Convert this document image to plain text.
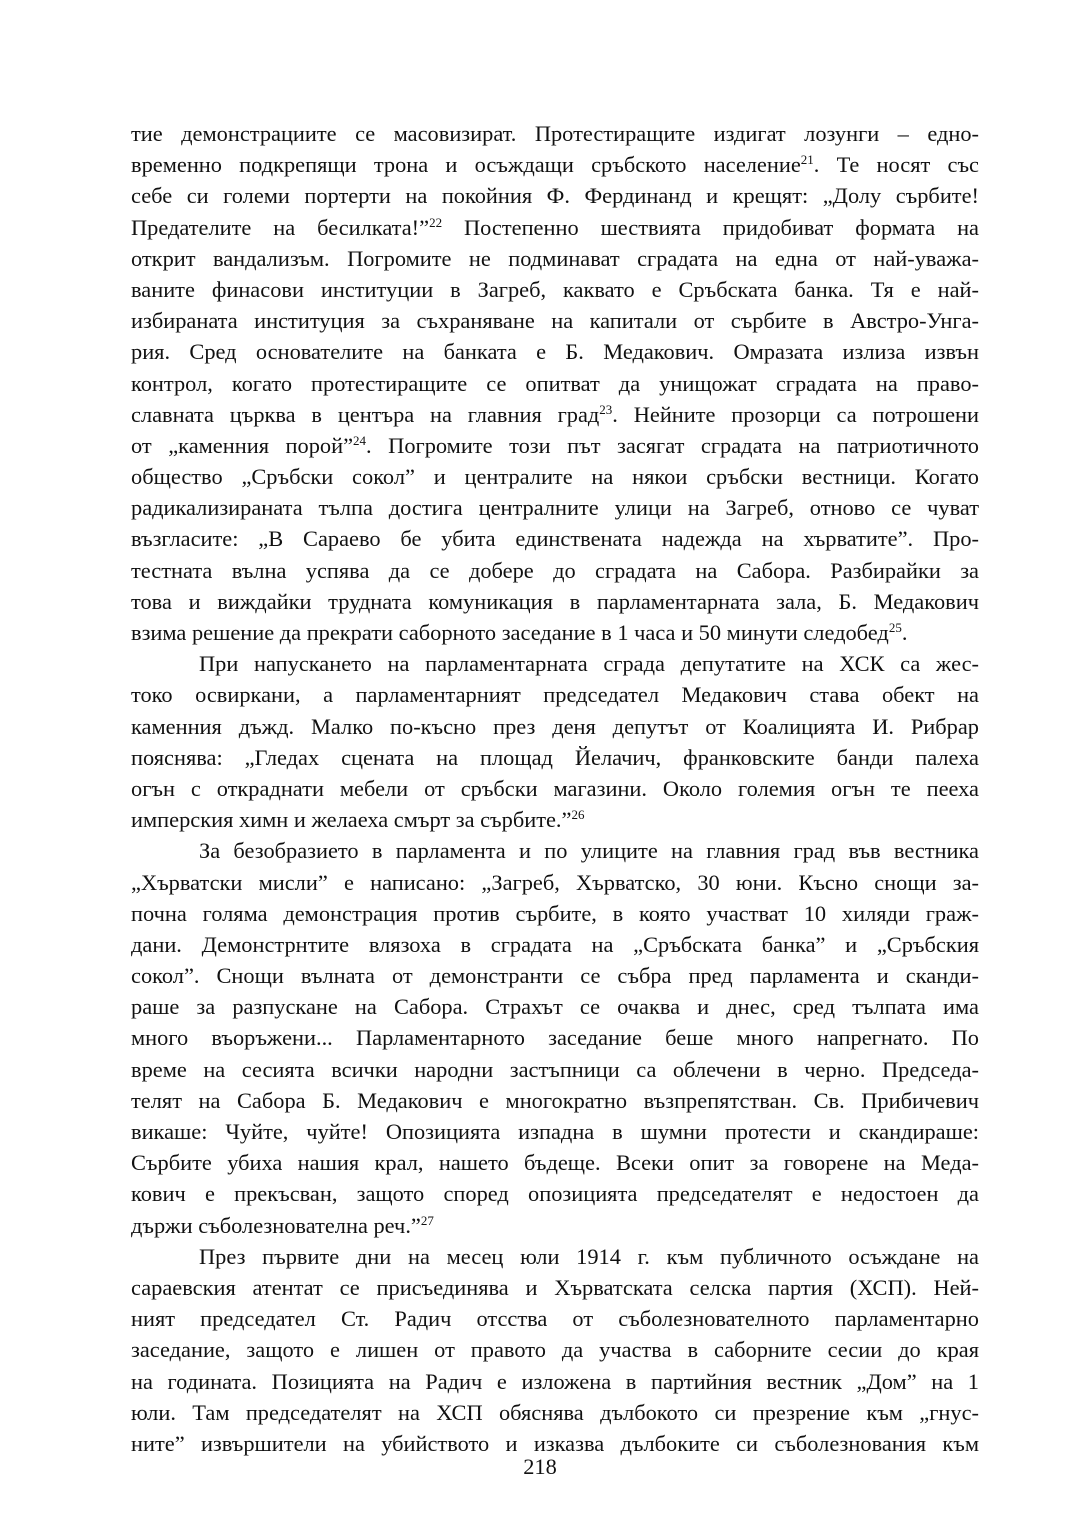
тие демонстрациите се масовизират. Протестиращите издигат лозунги – едно-
временно подкрепящи трона и осъждащи сръбското население$^{21}$. Те носят със
себе си големи портерти на покойния Ф. Фердинанд и крещят: „Долу сърбите!
Предателите на бесилката!”$^{22}$ Постепенно шествията придобиват формата на
открит вандализъм. Погромите не подминават сградата на една от най-уважа-
ваните финасови институции в Загреб, каквато е Сръбската банка. Тя е най-
избираната институция за съхраняване на капитали от сърбите в Австро-Унга-
рия. Сред основателите на банката е Б. Медакович. Омразата излиза извън
контрол, когато протестиращите се опитват да унищожат сградата на право-
славната църква в центъра на главния град$^{23}$. Нейните прозорци са потрошени
от „каменния порой”$^{24}$. Погромите този път засягат сградата на патриотичното
общество „Сръбски сокол” и централите на някои сръбски вестници. Когато
радикализираната тълпа достига централните улици на Загреб, отново се чуват
възгласите: „В Сараево бе убита единствената надежда на хърватите”. Про-
тестната вълна успява да се добере до сградата на Сабора. Разбирайки за
това и виждайки трудната комуникация в парламентарната зала, Б. Медакович
взима решение да прекрати саборното заседание в 1 часа и 50 минути следобед$^{25}$.
При напускането на парламентарната сграда депутатите на ХСК са жес-
токо освиркани, а парламентарният председател Медакович става обект на
каменния дъжд. Малко по-късно през деня депутът от Коалицията И. Рибрар
пояснява: „Гледах сцената на площад Йелачич, франковските банди палеха
огън с откраднати мебели от сръбски магазини. Около големия огън те пееха
имперския химн и желаеха смърт за сърбите.”$^{26}$
За безобразието в парламента и по улиците на главния град във вестника
„Хърватски мисли” е написано: „Загреб, Хърватско, 30 юни. Късно снощи за-
почна голяма демонстрация против сърбите, в която участват 10 хиляди граж-
дани. Демонстрнтите влязоха в сградата на „Сръбската банка” и „Сръбския
сокол”. Снощи вълната от демонстранти се събра пред парламента и сканди-
раше за разпускане на Сабора. Страхът се очаква и днес, сред тълпата има
много въоръжени... Парламентарното заседание беше много напрегнато. По
време на сесията всички народни застъпници са облечени в черно. Председа-
телят на Сабора Б. Медакович е многократно възпрепятстван. Св. Прибичевич
викаше: Чуйте, чуйте! Опозицията изпадна в шумни протести и скандираше:
Сърбите убиха нашия крал, нашето бъдеще. Всеки опит за говорене на Меда-
кович е прекъсван, защото според опозицията председателят е недостоен да
държи съболезнователна реч.”$^{27}$
През първите дни на месец юли 1914 г. към публичното осъждане на
сараевския атентат се присъединява и Хърватската селска партия (ХСП). Ней-
ният председател Ст. Радич отсства от съболезнователното парламентарно
заседание, защото е лишен от правото да участва в саборните сесии до края
на годината. Позицията на Радич е изложена в партийния вестник „Дом” на 1
юли. Там председателят на ХСП обяснява дълбокото си презрение към „гнус-
ните” извършители на убийството и изказва дълбоките си съболезнования към
218
